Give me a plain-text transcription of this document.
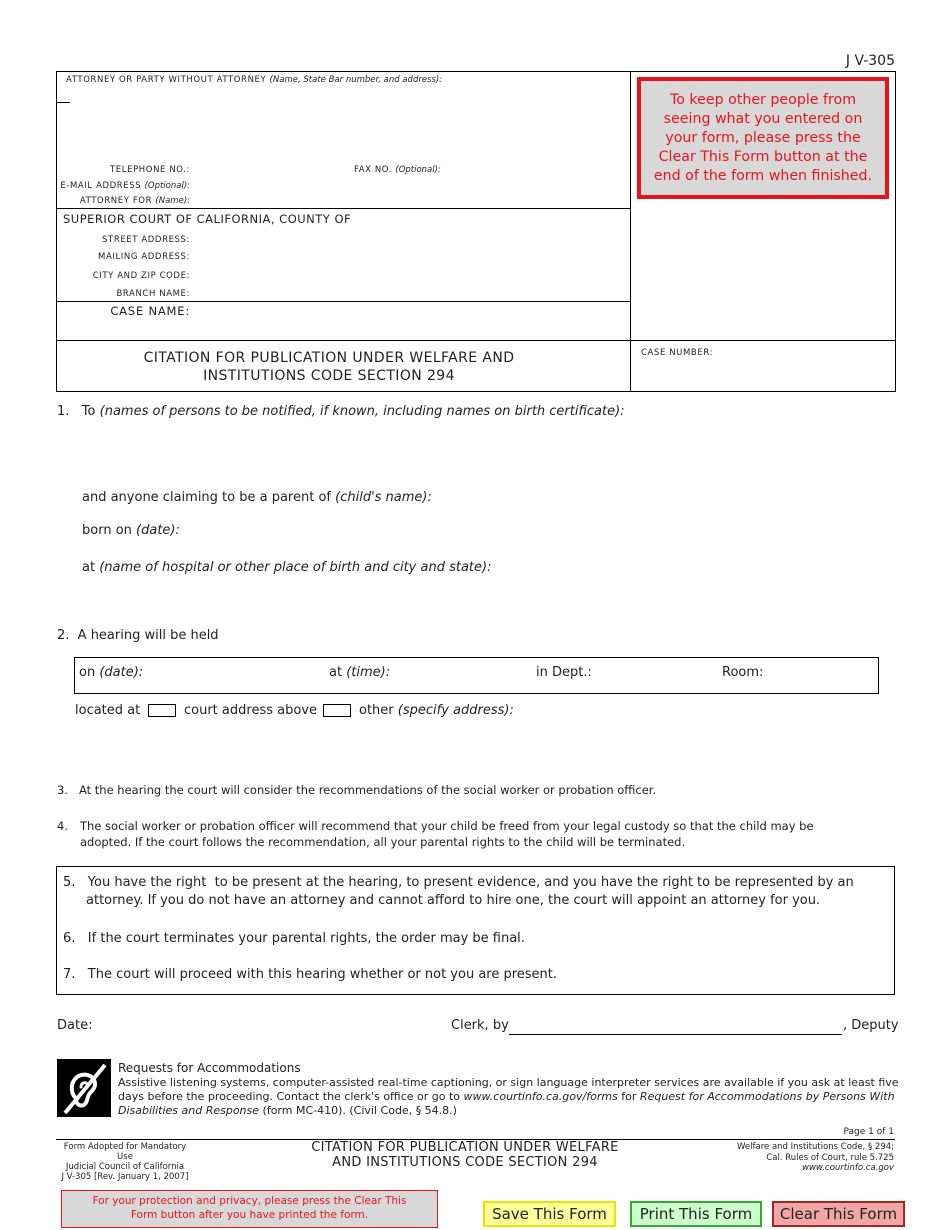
J V-305
ATTORNEY OR PARTY WITHOUT ATTORNEY (Name, State Bar number, and address):
TELEPHONE NO.:	FAX NO. (Optional):
E-MAIL ADDRESS (Optional):
ATTORNEY FOR (Name):
SUPERIOR COURT OF CALIFORNIA, COUNTY OF
STREET ADDRESS:
MAILING ADDRESS:
CITY AND ZIP CODE:
BRANCH NAME:
CASE NAME:
To keep other people from seeing what you entered on your form, please press the Clear This Form button at the end of the form when finished.
CITATION FOR PUBLICATION UNDER WELFARE AND
INSTITUTIONS CODE SECTION 294
CASE NUMBER:
1.   To (names of persons to be notified, if known, including names on birth certificate):
and anyone claiming to be a parent of (child's name):
born on (date):
at (name of hospital or other place of birth and city and state):
2.  A hearing will be held
on (date):	at (time):	in Dept.:	Room:
located at	court address above	other (specify address):
3.   At the hearing the court will consider the recommendations of the social worker or probation officer.
4. The social worker or probation officer will recommend that your child be freed from your legal custody so that the child may be
adopted. If the court follows the recommendation, all your parental rights to the child will be terminated.
5.   You have the right  to be present at the hearing, to present evidence, and you have the right to be represented by an
attorney. If you do not have an attorney and cannot afford to hire one, the court will appoint an attorney for you.
6.   If the court terminates your parental rights, the order may be final.
7.   The court will proceed with this hearing whether or not you are present.
Date:	Clerk, by	, Deputy
Requests for Accommodations
Assistive listening systems, computer-assisted real-time captioning, or sign language interpreter services are available if you ask at least five
days before the proceeding. Contact the clerk's office or go to www.courtinfo.ca.gov/forms for Request for Accommodations by Persons With
Disabilities and Response (form MC-410). (Civil Code, § 54.8.)
Page 1 of 1
Form Adopted for Mandatory Use
Judicial Council of California
J V-305 [Rev. January 1, 2007]
CITATION FOR PUBLICATION UNDER WELFARE
AND INSTITUTIONS CODE SECTION 294
Welfare and Institutions Code, § 294;
Cal. Rules of Court, rule 5.725
www.courtinfo.ca.gov
For your protection and privacy, please press the Clear This Form button after you have printed the form.	Save This Form	Print This Form	Clear This Form
